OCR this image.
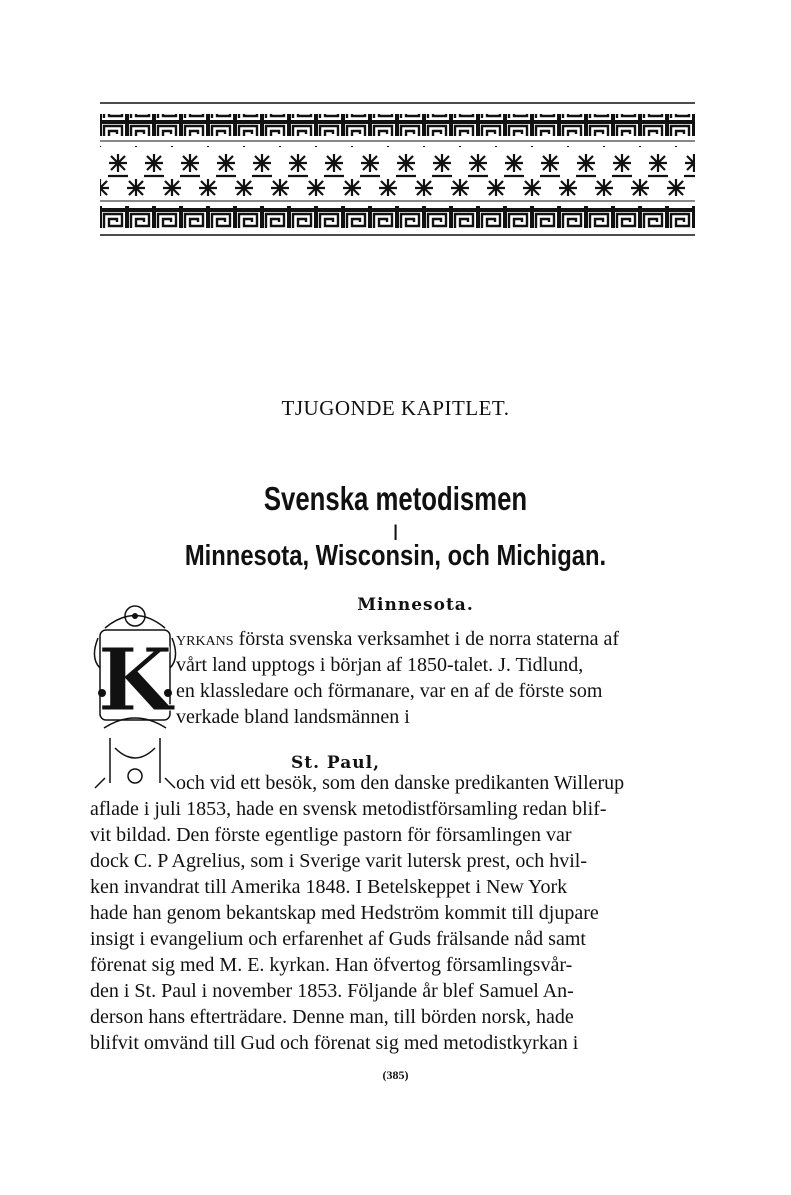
TJUGONDE KAPITLET.
Svenska metodismen
I
Minnesota, Wisconsin, och Michigan.
Minnesota.
K yrkans första svenska verksamhet i de norra staterna af
vårt land upptogs i början af 1850-talet. J. Tidlund,
en klassledare och förmanare, var en af de förste som
verkade bland landsmännen i
St. Paul,
och vid ett besök, som den danske predikanten Willerup
aflade i juli 1853, hade en svensk metodistförsamling redan blif-
vit bildad. Den förste egentlige pastorn för församlingen var
dock C. P Agrelius, som i Sverige varit lutersk prest, och hvil-
ken invandrat till Amerika 1848. I Betelskeppet i New York
hade han genom bekantskap med Hedström kommit till djupare
insigt i evangelium och erfarenhet af Guds frälsande nåd samt
förenat sig med M. E. kyrkan. Han öfvertog församlingsvår-
den i St. Paul i november 1853. Följande år blef Samuel An-
derson hans efterträdare. Denne man, till börden norsk, hade
blifvit omvänd till Gud och förenat sig med metodistkyrkan i
(385)
